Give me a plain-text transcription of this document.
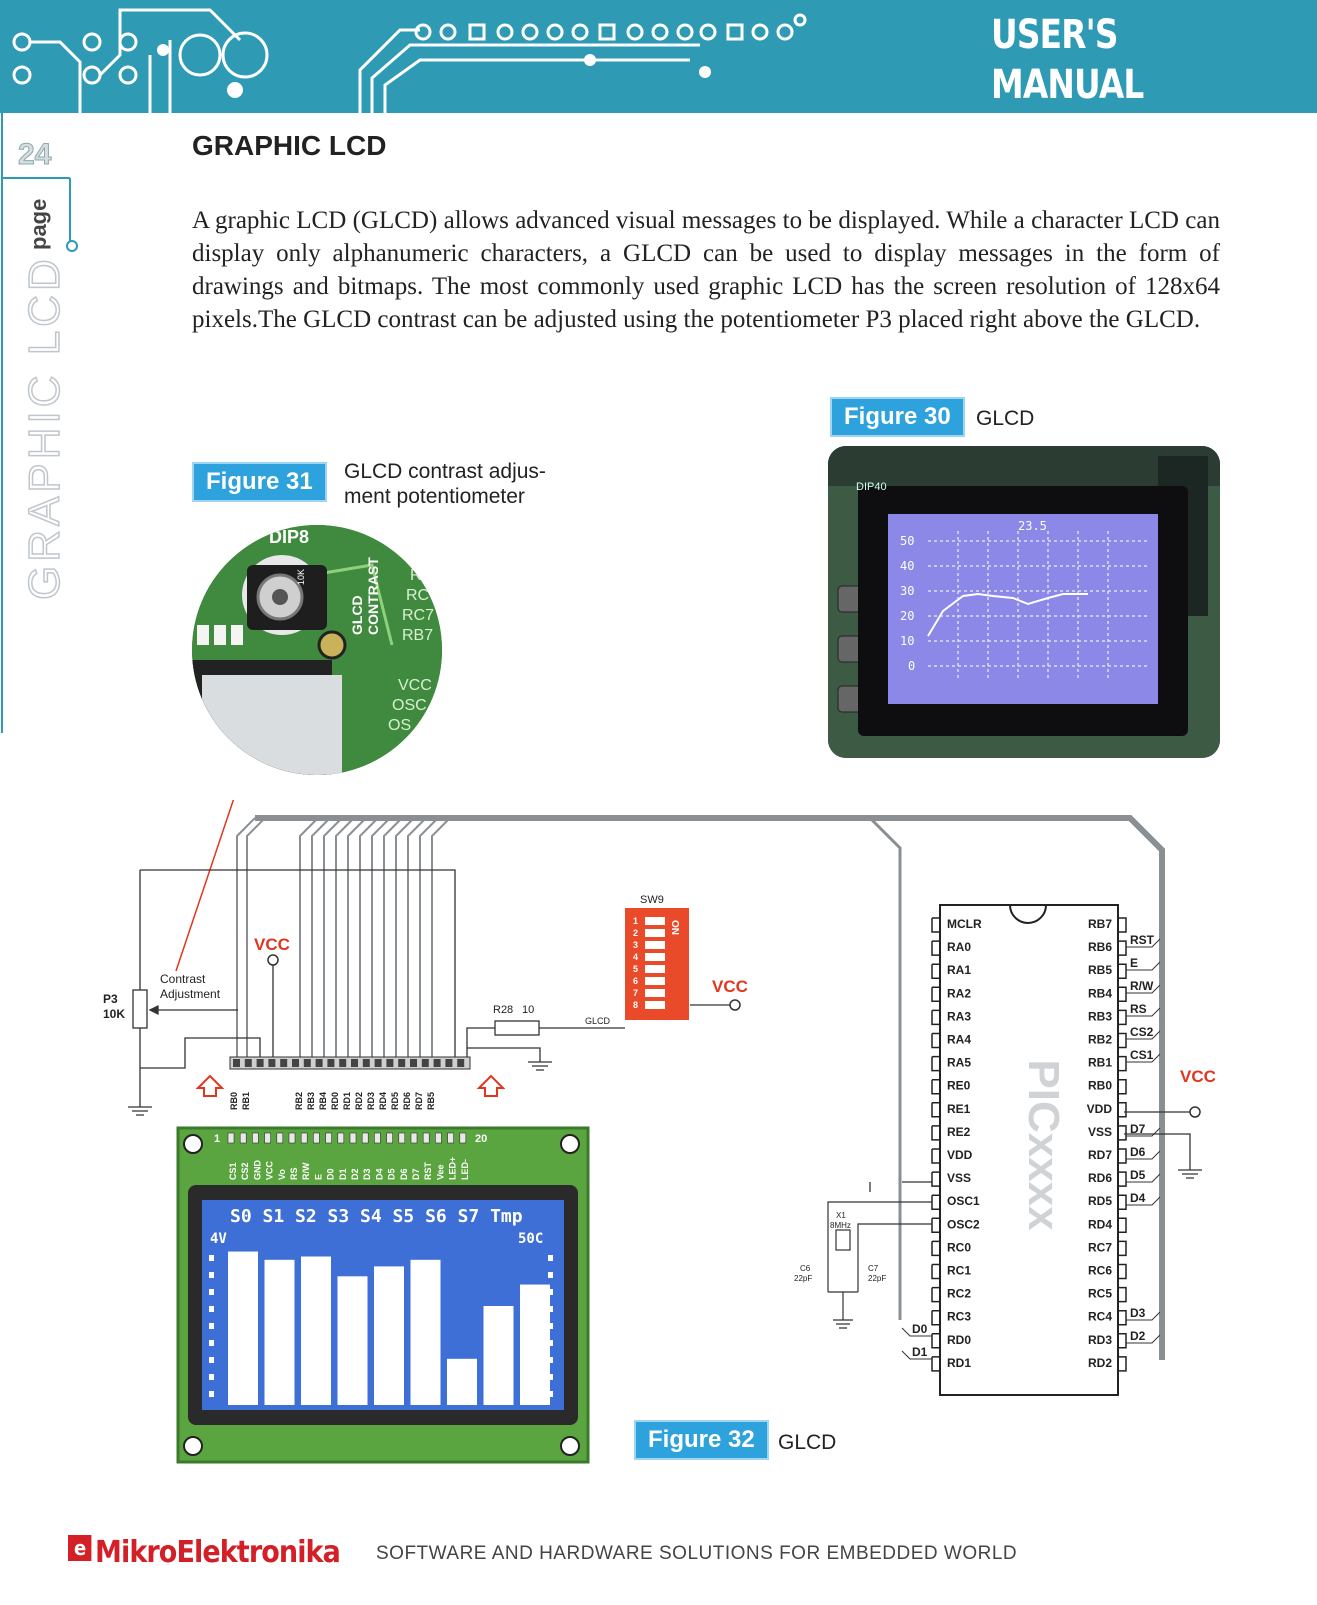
USER'S
MANUAL
24
page
GRAPHIC LCD
GRAPHIC LCD
A graphic LCD (GLCD) allows advanced visual messages to be displayed. While a character LCD can display only alphanumeric characters, a GLCD can be used to display messages in the form of drawings and bitmaps. The most commonly used graphic LCD has the screen resolution of 128x64 pixels.The GLCD contrast can be adjusted using the potentiometer P3 placed right above the GLCD.
Figure 30	GLCD
23.5
50
40
30
20
10
0
DIP40
Figure 31	GLCD contrast adjus-
ment potentiometer
DIP8
10K
GLCD CONTRAST RC
RC
RC7
RB7
VCC
OSC
OS
VCC
VCC
VCC
P3
10K
Contrast
Adjustment
R28 10
GLCD
SW9
1
2
3
4
5
6
7
8
ON
RB0 RB1	RB2 RB3 RB4 RD0 RD1 RD2 RD3 RD4 RD5 RD6 RD7 RB5
1	20
CS1 CS2 GND VCC Vo RS R/W E D0 D1 D2 D3 D4 D5 D6 D7 RST Vee LED+ LED-
S0 S1 S2 S3 S4 S5 S6 S7 Tmp
4V	50C
PICxxxx
MCLR
RA0
RA1
RA2
RA3
RA4
RA5
RE0
RE1
RE2
VDD
VSS
OSC1
OSC2
RC0
RC1
RC2
RC3
RD0
RD1
RB7
RB6
RB5
RB4
RB3
RB2
RB1
RB0
VDD
VSS
RD7
RD6
RD5
RD4
RC7
RC6
RC5
RC4
RD3
RD2
RST
E
R/W
RS
CS2
CS1
D7
D6
D5
D4
D3
D2
D0
D1
X1
8MHz
C6
22pF
C7
22pF
Figure 32	GLCD
e MikroElektronika SOFTWARE AND HARDWARE SOLUTIONS FOR EMBEDDED WORLD
